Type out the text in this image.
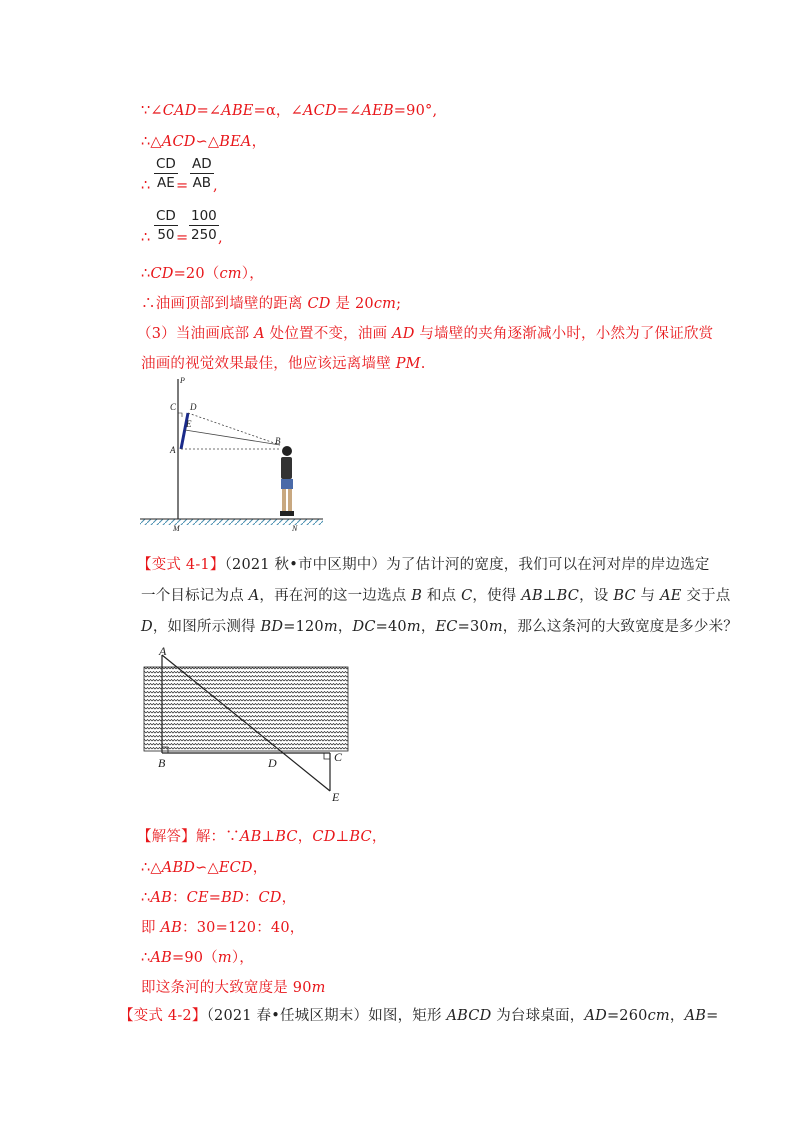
∵∠CAD=∠ABE=α，∠ACD=∠AEB=90°,
∴△ACD∽△BEA，
∴ $\frac{CD}{AE}$
= $\frac{AD}{AB}$ ,
∴ $\frac{CD}{50}$
= $\frac{100}{250}$ ,
∴CD=20（cm），
∴油画顶部到墙壁的距离 CD 是 20cm;
（3）当油画底部 A 处位置不变，油画 AD 与墙壁的夹角逐渐减小时，小然为了保证欣赏
油画的视觉效果最佳，他应该远离墙壁 PM.
P
C D
E
A
B
M	N
【变式 4-1】（2021 秋•市中区期中）为了估计河的宽度，我们可以在河对岸的岸边选定
一个目标记为点 A，再在河的这一边选点 B 和点 C，使得 AB⊥BC，设 BC 与 AE 交于点
D，如图所示测得 BD=120m，DC=40m，EC=30m，那么这条河的大致宽度是多少米？
A
B	D	C
E
【解答】解：∵AB⊥BC，CD⊥BC，
∴△ABD∽△ECD，
∴AB：CE=BD：CD，
即 AB：30=120：40，
∴AB=90（m），
即这条河的大致宽度是 90m
【变式 4-2】（2021 春•任城区期末）如图，矩形 ABCD 为台球桌面，AD=260cm，AB=
